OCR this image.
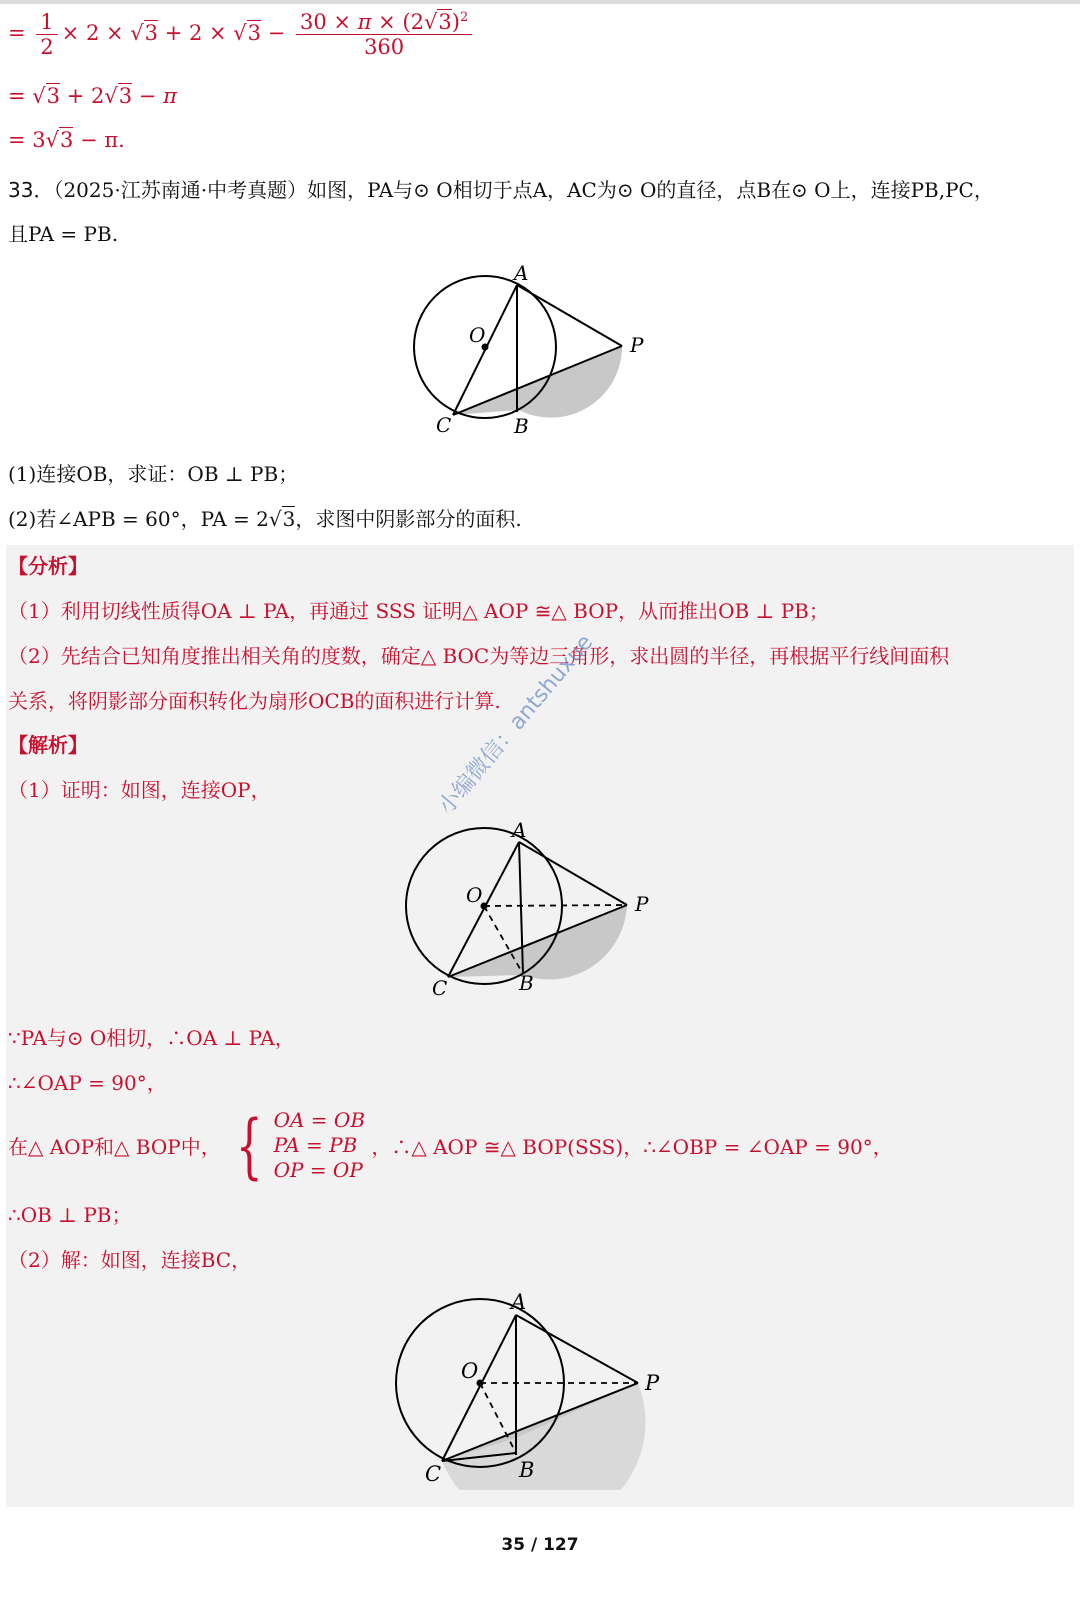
= $\frac{1}{2} \times 2 \times √3 + 2 \times √3 - \frac{30 \times \pi \times (2√3)^2}{360}$
= √3 + 2√3 − π
= 3√3 − π.
33．（2025·江苏南通·中考真题）如图，PA与⊙ O相切于点A，AC为⊙ O的直径，点B在⊙ O上，连接PB,PC，
且PA = PB.
A
O	P
C	B
(1)连接OB，求证：OB ⊥ PB；
(2)若∠APB = 60°，PA = 2√3，求图中阴影部分的面积.
【分析】
（1）利用切线性质得OA ⊥ PA，再通过 SSS 证明△ AOP ≅△ BOP，从而推出OB ⊥ PB；
（2）先结合已知角度推出相关角的度数，确定△ BOC为等边三角形，求出圆的半径，再根据平行线间面积
关系，将阴影部分面积转化为扇形OCB的面积进行计算.
【解析】
（1）证明：如图，连接OP，
A
O	P
C	B
∵PA与⊙ O相切，∴OA ⊥ PA，
∴∠OAP = 90°，
在△ AOP和△ BOP中， { OA = OB
PA = PB
OP = OP
，∴△ AOP ≅△ BOP(SSS)，∴∠OBP = ∠OAP = 90°，
∴OB ⊥ PB；
（2）解：如图，连接BC，
A
O	P
C	B
小编微信：antshuxue
35 / 127
